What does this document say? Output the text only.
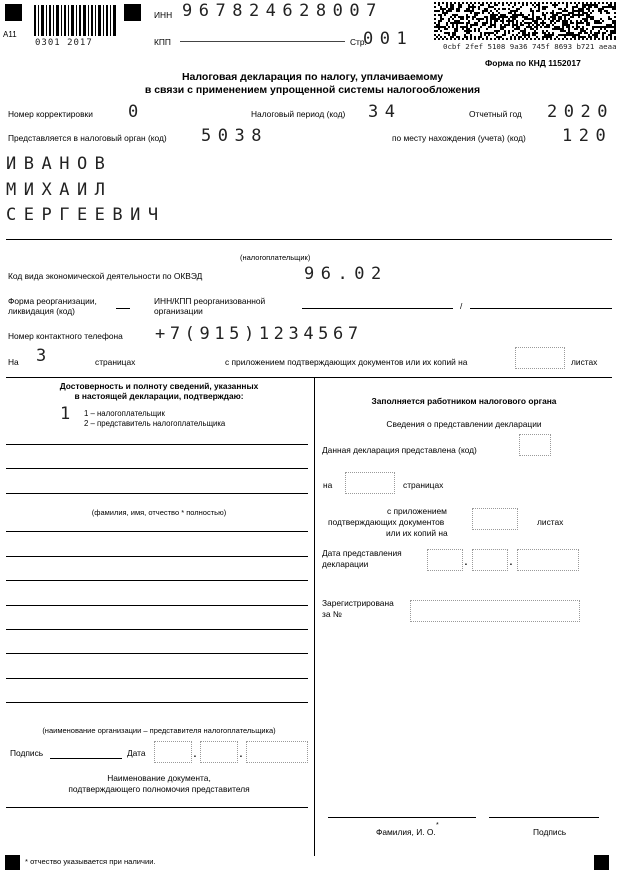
A11
0301 2017
ИНН 967824628007
КПП	Стр.
001	0cbf 2fef 5108 9a36 745f 8693 b721 aeaa
Форма по КНД 1152017
Налоговая декларация по налогу, уплачиваемому
в связи с применением упрощенной системы налогообложения
Номер корректировки 0	Налоговый период (код) 34	Отчетный год 2020
Представляется в налоговый орган (код) 5038	по месту нахождения (учета) (код) 120
ИВАНОВ
МИХАИЛ
СЕРГЕЕВИЧ
(налогоплательщик)
Код вида экономической деятельности по ОКВЭД	96.02
Форма реорганизации,
ликвидация (код)
ИНН/КПП реорганизованной
организации	/
Номер контактного телефона +7(915)1234567
На 3	страницах	с приложением подтверждающих документов или их копий на	листах
Достоверность и полноту сведений, указанных
в настоящей декларации, подтверждаю:
1 1 – налогоплательщик
2 – представитель налогоплательщика
(фамилия, имя, отчество * полностью)
(наименование организации – представителя налогоплательщика)
Подпись	Дата	.	.
Наименование документа,
подтверждающего полномочия представителя
Заполняется работником налогового органа
Сведения о представлении декларации
Данная декларация представлена (код)
на	страницах
с приложением
подтверждающих документов
или их копий на
листах
Дата представления
декларации	.	.
Зарегистрирована
за №
Фамилия, И. О.
*
Подпись
* отчество указывается при наличии.
